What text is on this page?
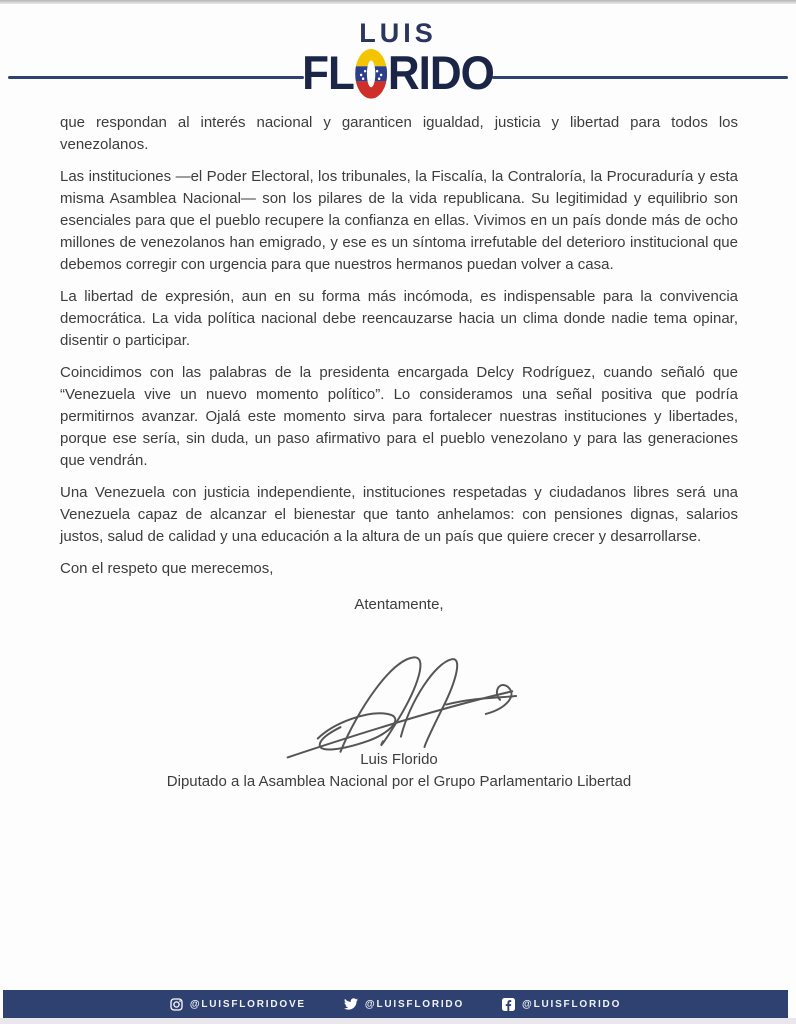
LUIS
FL RIDO

que respondan al interés nacional y garanticen igualdad, justicia y libertad para todos los venezolanos.

Las instituciones —el Poder Electoral, los tribunales, la Fiscalía, la Contraloría, la Procuraduría y esta misma Asamblea Nacional— son los pilares de la vida republicana. Su legitimidad y equilibrio son esenciales para que el pueblo recupere la confianza en ellas. Vivimos en un país donde más de ocho millones de venezolanos han emigrado, y ese es un síntoma irrefutable del deterioro institucional que debemos corregir con urgencia para que nuestros hermanos puedan volver a casa.

La libertad de expresión, aun en su forma más incómoda, es indispensable para la convivencia democrática. La vida política nacional debe reencauzarse hacia un clima donde nadie tema opinar, disentir o participar.

Coincidimos con las palabras de la presidenta encargada Delcy Rodríguez, cuando señaló que “Venezuela vive un nuevo momento político”. Lo consideramos una señal positiva que podría permitirnos avanzar. Ojalá este momento sirva para fortalecer nuestras instituciones y libertades, porque ese sería, sin duda, un paso afirmativo para el pueblo venezolano y para las generaciones que vendrán.

Una Venezuela con justicia independiente, instituciones respetadas y ciudadanos libres será una Venezuela capaz de alcanzar el bienestar que tanto anhelamos: con pensiones dignas, salarios justos, salud de calidad y una educación a la altura de un país que quiere crecer y desarrollarse.

Con el respeto que merecemos,

Atentamente,

Luis Florido
Diputado a la Asamblea Nacional por el Grupo Parlamentario Libertad
@LUISFLORIDOVE	@LUISFLORIDO	@LUISFLORIDO
